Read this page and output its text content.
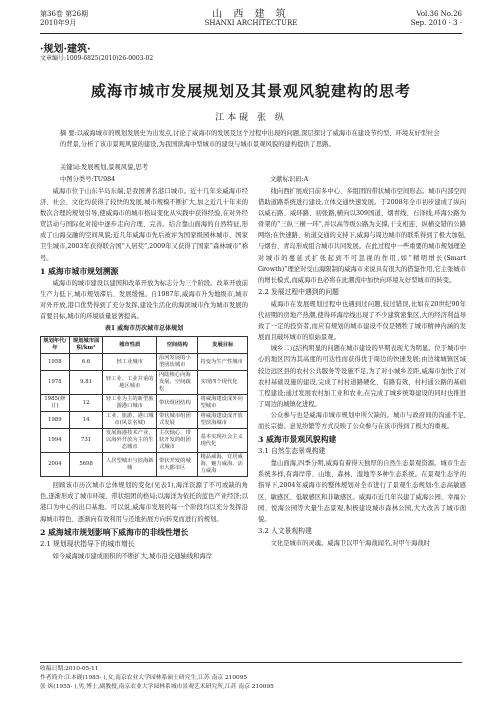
第36卷 第26期
2010年9月
山 西 建 筑
SHANXI ARCHITECTURE
Vol.36 No.26
Sep. 2010 · 3 ·
·规划·建筑·
文章编号:1009-6825(2010)26-0003-02
威海市城市发展规划及其景观风貌建构的思考
江本砚 张 纵
摘 要:以威海城市的规划发展史为出发点,讨论了威海市的发展及这个过程中出现的问题,深层探讨了威海市在建设节约型、环境友好型社会的背景,分析了该市景观风貌的建设,为我国滨海中型城市的建设与城市景观风貌的建构提供了思路。
关键词:发展规划,景观风貌,思考
中图分类号:TU984	文献标识码:A

威海市位于山东半岛东端,是我国著名港口城市。近十几年来威海市经济、社会、文化均获得了较快的发展,城市规模不断扩大,加之近几十年来的数次合理的规划引导,使威海市的城市格局变化从实践中获得经验,在对外经贸活动与国际化对接中逐步走向合理、完善。结合靠山面海的自然特征,形成了山海交融的空间风貌;近几年威海市先后被评为国家级园林城市、国家卫生城市,2003年获得联合国“人居奖”,2009年又获得了国家“森林城市”称号。

1 威海市城市规划溯源

威海市的城市建设以建国和改革开放为标志分为三个阶段。改革开放前生产力低下,城市规划滞后、发展缓慢。自1987年,威海市升为地级市,城市对外开放,港口优势得到了充分发挥,建设生活化的海滨城市作为城市发展的首要目标,城市的环境质量显著提高。

表1 威海市历次城市总体规划
规划年代/年	规划城市面积/km²	城市性质	空间结构	发展目标
1958	6.6	轻工业城市	沿河发展的小型团状城市	持变为生产性城市
1978	9.81	轻工业、工业并重的地区城市	内陆核心向海发展、空间疏松	实现四个现代化
1985(修订)	12	轻工业为主的新型旅游港口城市	带状组团结构	将威海建设成外向型城市
1989	14	工业、旅游、港口城市(风景名城)	带状城市组团式发展	将威海建设成开放型滨海城市
1994	731	发展海港技术产业、以海外开放为主的生态城市	主次轴心、带状开发的组团式城市	基本实现社会主义现代化
2004	5698	人居型城市与滨海新城	带状开发的城市大都市区	精品威海、宜居威海、魅力威海、活力威海

回顾该市历次城市总体规划的变化(见表1),海洋资源了不可或缺的角色,逐渐形成了城市环境、带状组团的格局;以海洋为依托的蓝色产业经济;以港口为中心的出口基地。可以说,威海市发展的每一个阶段均以充分发挥沿海城市特色、逐渐向有效利用与还地拓展方向转变而进行的规划。

2 威海城市规划影响下威海市的非线性增长
2.1 规划现状指导下的城市增长

如今威海城市建成面积的不断扩大,城市沿交通轴线和海岸

线向西扩展成目前多中心、多组团的带状城市空间形态。城市内部空间借助道路系统进行建设,立体交通快速发展。于2008年全市初步建成了纵向以威石路、威环路、初张路,横向以309国道、烟青线、石泽线,环海公路为骨架的“三纵三横一环”,并以高等级公路为支撑,干支相连、纵横交错的公路网络;在快速路、轨道交通的支持下,威海与周边城市的联系得到了极大加强,与烟台、青岛形成组合城市共同发展。在此过程中一些重要的城市规划理论对城市的蔓延式扩张起到不可忽视的作用,如“精明增长(Smart Growth)”理论对受山海限制的威海市来说具有很大的借鉴作用,它主张城市的增长模式,而威海市也必将在此潮流中加快向环境友好型城市的转变。

2.2 发展过程中遇到的问题

威海市在发展规划过程中也遇到过问题,较过错误,比如在20世纪90年代初期的房地产热潮,使得环海岸线出现了不少建筑密集区,大的经济利益导致了一定的投资者,而应有规划的城市建设不仅是牺牲了城市精神内涵的发展而且破坏城市的原始景观。

城乡二元结构明显的问题在城市建设的早期表现尤为明显。位于城市中心的地区因为其高度的可达性而获得优于周边的快速发展;由边缘城镇区域较边远区县的农村公共服务等设施不足,为了对小城乡差距,威海市加快了对农村基础设施的建设,完成了村村道路硬化、有路有效、村村通公路的基础工程建设;通过发展农村加工业和农业,在完成了城乡统筹建设的同时也推进了周边的城镇化进程。

公众参与也是威海市城市规划中所欠缺的。城市与政府间的沟通不足,而长宗德、意见纷繁等方式反映了公众参与在该市得到了极大的重视。

3 威海市景观风貌构建
3.1 自然生态景观构建

靠山面海,四季分明,威海有着得天独厚的自然生态景观资源。城市生态系统多样,有海岸带、山地、森林、湿地等多种生态系统。在景观生态学的指导下,2004年威海市的整体规划对全市进行了景观生态规划:生态高敏感区、敏感区、低敏感区和非敏感区。威海市近几年兴建了威海公园、幸福公园、悦海公园等大量生态景观,积极建设城市森林公园,大大改善了城市面貌。

3.2 人文景观构建

文化是城市的灵魂。威海卫以甲午海战闻名,对甲午海战时

收稿日期:2010-05-11
作者简介:江本砚(1985- ),女,南京农业大学园林系硕士研究生,江苏 南京 210095
张 纵(1955- ),男,博士,副教授,南京农业大学园林系城市景观艺术研究所,江苏 南京 210095
